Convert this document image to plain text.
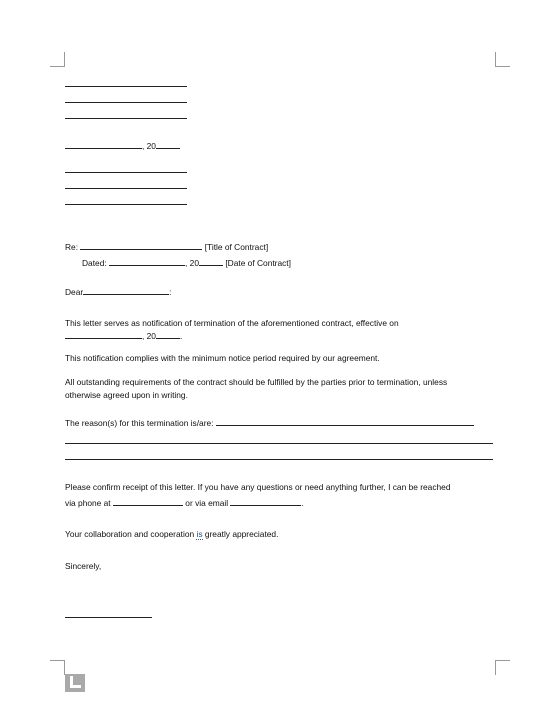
, 20
Re:	[Title of Contract]
Dated:	, 20	[Date of Contract]
Dear	:
This letter serves as notification of termination of the aforementioned contract, effective on
, 20	.
This notification complies with the minimum notice period required by our agreement.
All outstanding requirements of the contract should be fulfilled by the parties prior to termination, unless
otherwise agreed upon in writing.
The reason(s) for this termination is/are:
Please confirm receipt of this letter. If you have any questions or need anything further, I can be reached
via phone at	or via email	.
Your collaboration and cooperation is greatly appreciated.
Sincerely,
